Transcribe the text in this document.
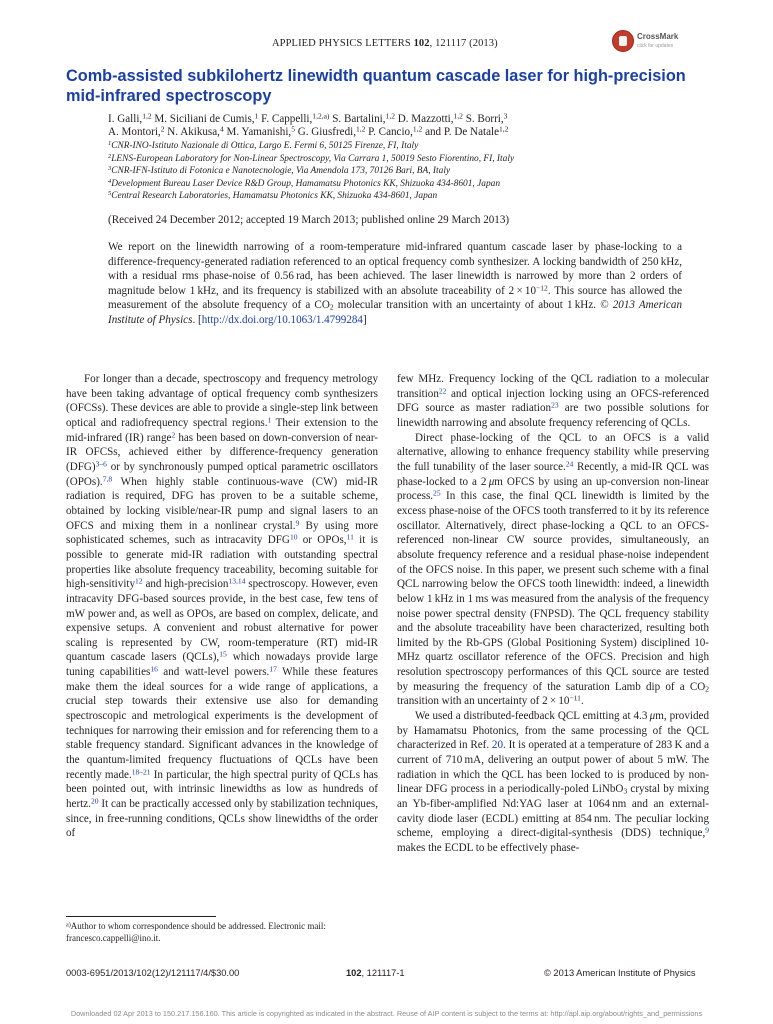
APPLIED PHYSICS LETTERS 102, 121117 (2013)
CrossMark
click for updates
Comb-assisted subkilohertz linewidth quantum cascade laser for high-precision mid-infrared spectroscopy
I. Galli,$^{1,2}$ M. Siciliani de Cumis,$^1$ F. Cappelli,$^{1,2,a)}$ S. Bartalini,$^{1,2}$ D. Mazzotti,$^{1,2}$ S. Borri,$^3$
A. Montori,$^2$ N. Akikusa,$^4$ M. Yamanishi,$^5$ G. Giusfredi,$^{1,2}$ P. Cancio,$^{1,2}$ and P. De Natale$^{1,2}$
$^1$CNR-INO-Istituto Nazionale di Ottica, Largo E. Fermi 6, 50125 Firenze, FI, Italy
$^2$LENS-European Laboratory for Non-Linear Spectroscopy, Via Carrara 1, 50019 Sesto Fiorentino, FI, Italy
$^3$CNR-IFN-Istituto di Fotonica e Nanotecnologie, Via Amendola 173, 70126 Bari, BA, Italy
$^4$Development Bureau Laser Device R&D Group, Hamamatsu Photonics KK, Shizuoka 434-8601, Japan
$^5$Central Research Laboratories, Hamamatsu Photonics KK, Shizuoka 434-8601, Japan
(Received 24 December 2012; accepted 19 March 2013; published online 29 March 2013)
We report on the linewidth narrowing of a room-temperature mid-infrared quantum cascade laser by phase-locking to a difference-frequency-generated radiation referenced to an optical frequency comb synthesizer. A locking bandwidth of 250 kHz, with a residual rms phase-noise of 0.56 rad, has been achieved. The laser linewidth is narrowed by more than 2 orders of magnitude below 1 kHz, and its frequency is stabilized with an absolute traceability of $2 \times 10^{-12}$. This source has allowed the measurement of the absolute frequency of a $CO_2$ molecular transition with an uncertainty of about 1 kHz. © 2013 American Institute of Physics. [http://dx.doi.org/10.1063/1.4799284]

For longer than a decade, spectroscopy and frequency metrology have been taking advantage of optical frequency comb synthesizers (OFCSs). These devices are able to provide a single-step link between optical and radiofrequency spectral regions.$^1$ Their extension to the mid-infrared (IR) range$^2$ has been based on down-conversion of near-IR OFCSs, achieved either by difference-frequency generation (DFG)$^{3-6}$ or by synchronously pumped optical parametric oscillators (OPOs).$^{7,8}$ When highly stable continuous-wave (CW) mid-IR radiation is required, DFG has proven to be a suitable scheme, obtained by locking visible/near-IR pump and signal lasers to an OFCS and mixing them in a nonlinear crystal.$^9$ By using more sophisticated schemes, such as intracavity DFG$^{10}$ or OPOs,$^{11}$ it is possible to generate mid-IR radiation with outstanding spectral properties like absolute frequency traceability, becoming suitable for high-sensitivity$^{12}$ and high-precision$^{13,14}$ spectroscopy. However, even intracavity DFG-based sources provide, in the best case, few tens of mW power and, as well as OPOs, are based on complex, delicate, and expensive setups. A convenient and robust alternative for power scaling is represented by CW, room-temperature (RT) mid-IR quantum cascade lasers (QCLs),$^{15}$ which nowadays provide large tuning capabilities$^{16}$ and watt-level powers.$^{17}$ While these features make them the ideal sources for a wide range of applications, a crucial step towards their extensive use also for demanding spectroscopic and metrological experiments is the development of techniques for narrowing their emission and for referencing them to a stable frequency standard. Significant advances in the knowledge of the quantum-limited frequency fluctuations of QCLs have been recently made.$^{18-21}$ In particular, the high spectral purity of QCLs has been pointed out, with intrinsic linewidths as low as hundreds of hertz.$^{20}$ It can be practically accessed only by stabilization techniques, since, in free-running conditions, QCLs show linewidths of the order of

few MHz. Frequency locking of the QCL radiation to a molecular transition$^{22}$ and optical injection locking using an OFCS-referenced DFG source as master radiation$^{23}$ are two possible solutions for linewidth narrowing and absolute frequency referencing of QCLs.

Direct phase-locking of the QCL to an OFCS is a valid alternative, allowing to enhance frequency stability while preserving the full tunability of the laser source.$^{24}$ Recently, a mid-IR QCL was phase-locked to a 2 μm OFCS by using an up-conversion non-linear process.$^{25}$ In this case, the final QCL linewidth is limited by the excess phase-noise of the OFCS tooth transferred to it by its reference oscillator. Alternatively, direct phase-locking a QCL to an OFCS-referenced non-linear CW source provides, simultaneously, an absolute frequency reference and a residual phase-noise independent of the OFCS noise. In this paper, we present such scheme with a final QCL narrowing below the OFCS tooth linewidth: indeed, a linewidth below 1 kHz in 1 ms was measured from the analysis of the frequency noise power spectral density (FNPSD). The QCL frequency stability and the absolute traceability have been characterized, resulting both limited by the Rb-GPS (Global Positioning System) disciplined 10-MHz quartz oscillator reference of the OFCS. Precision and high resolution spectroscopy performances of this QCL source are tested by measuring the frequency of the saturation Lamb dip of a $CO_2$ transition with an uncertainty of $2 \times 10^{-11}$.

We used a distributed-feedback QCL emitting at 4.3 μm, provided by Hamamatsu Photonics, from the same processing of the QCL characterized in Ref. 20. It is operated at a temperature of 283 K and a current of 710 mA, delivering an output power of about 5 mW. The radiation in which the QCL has been locked to is produced by non-linear DFG process in a periodically-poled LiNbO$_3$ crystal by mixing an Yb-fiber-amplified Nd:YAG laser at 1064 nm and an external-cavity diode laser (ECDL) emitting at 854 nm. The peculiar locking scheme, employing a direct-digital-synthesis (DDS) technique,$^9$ makes the ECDL to be effectively phase-

$^{a)}$Author to whom correspondence should be addressed. Electronic mail: francesco.cappelli@ino.it.
0003-6951/2013/102(12)/121117/4/$30.00	102, 121117-1	© 2013 American Institute of Physics
Downloaded 02 Apr 2013 to 150.217.156.160. This article is copyrighted as indicated in the abstract. Reuse of AIP content is subject to the terms at: http://apl.aip.org/about/rights_and_permissions
